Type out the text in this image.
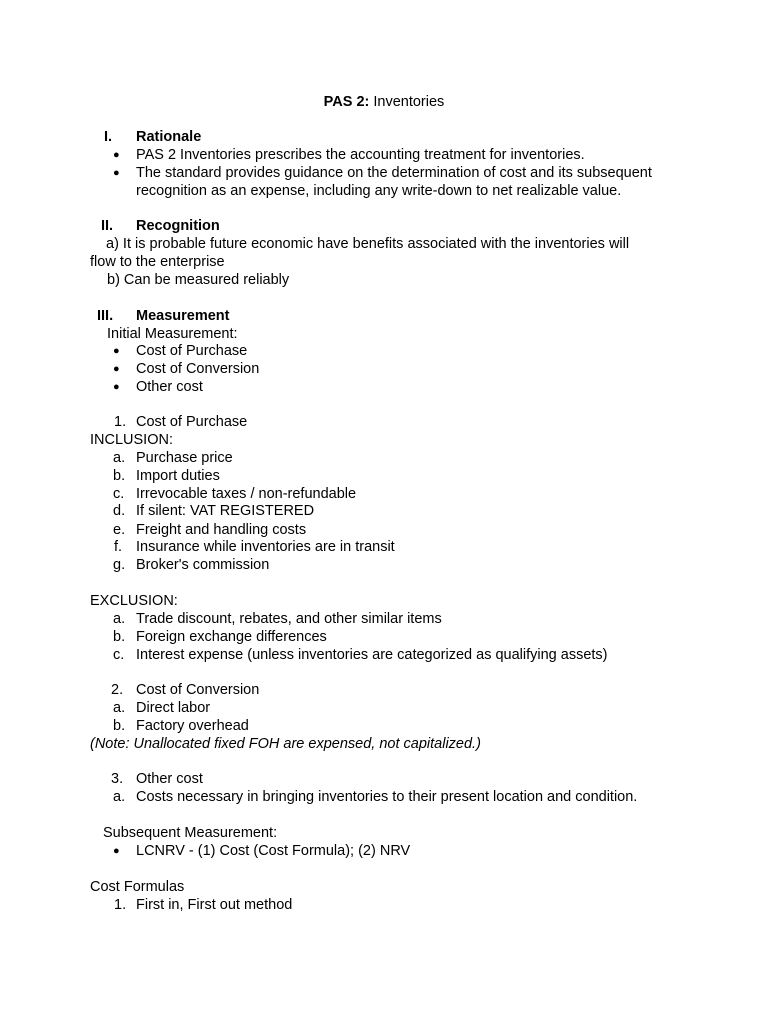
PAS 2: Inventories
I. Rationale
● PAS 2 Inventories prescribes the accounting treatment for inventories.
● The standard provides guidance on the determination of cost and its subsequent
recognition as an expense, including any write-down to net realizable value.
II. Recognition
a) It is probable future economic have benefits associated with the inventories will
flow to the enterprise
b) Can be measured reliably
III. Measurement
Initial Measurement:
● Cost of Purchase
● Cost of Conversion
● Other cost
1. Cost of Purchase
INCLUSION:
a. Purchase price
b. Import duties
c. Irrevocable taxes / non-refundable
d. If silent: VAT REGISTERED
e. Freight and handling costs
f. Insurance while inventories are in transit
g. Broker's commission
EXCLUSION:
a. Trade discount, rebates, and other similar items
b. Foreign exchange differences
c. Interest expense (unless inventories are categorized as qualifying assets)
2. Cost of Conversion
a. Direct labor
b. Factory overhead
(Note: Unallocated fixed FOH are expensed, not capitalized.)
3. Other cost
a. Costs necessary in bringing inventories to their present location and condition.
Subsequent Measurement:
● LCNRV - (1) Cost (Cost Formula); (2) NRV
Cost Formulas
1. First in, First out method
